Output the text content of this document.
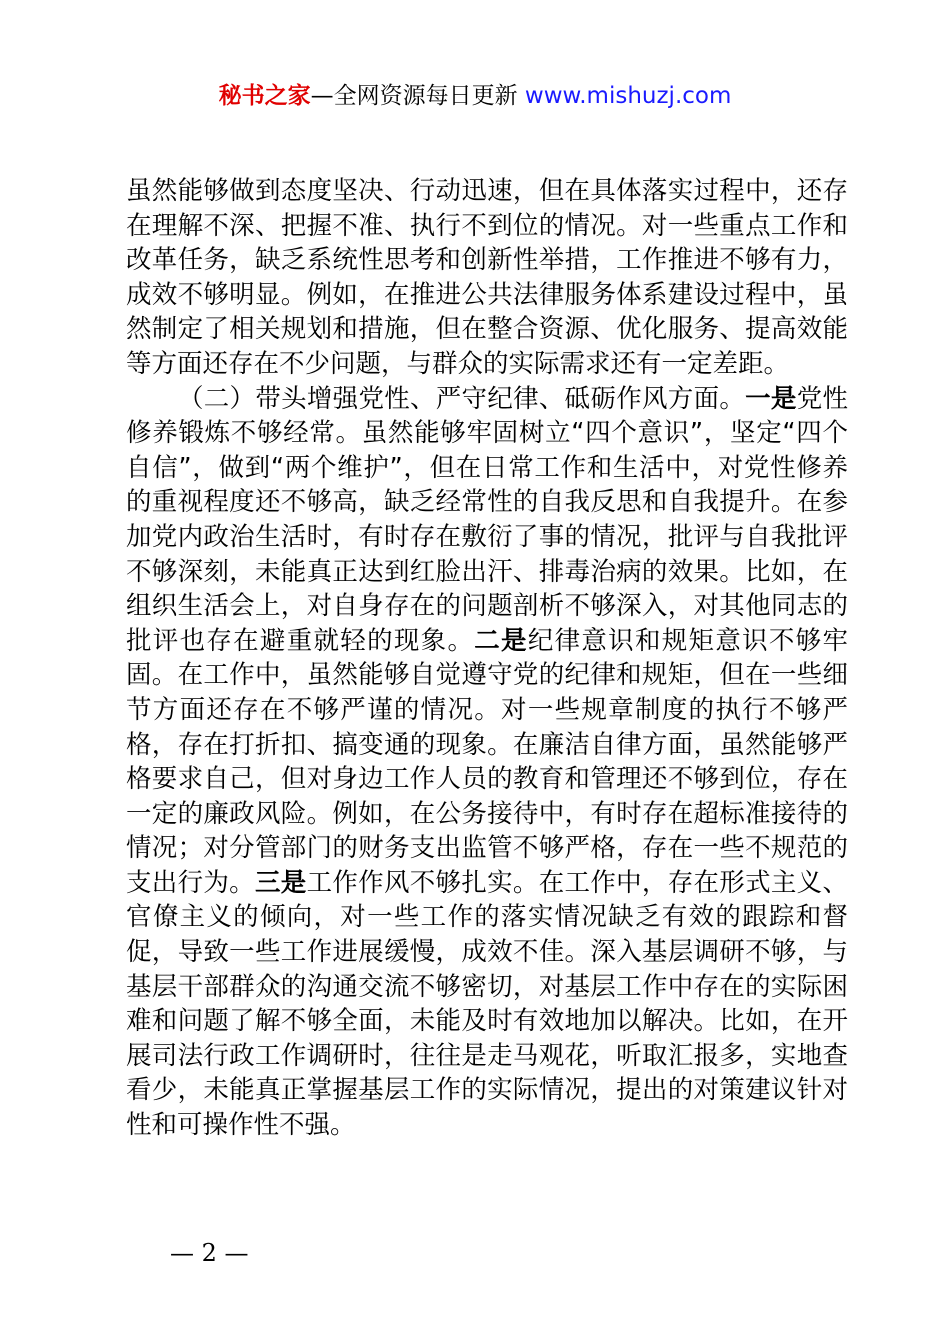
秘书之家—全网资源每日更新 www.mishuzj.com

虽然能够做到态度坚决、行动迅速，但在具体落实过程中，还存在理解不深、把握不准、执行不到位的情况。对一些重点工作和改革任务，缺乏系统性思考和创新性举措，工作推进不够有力，成效不够明显。例如，在推进公共法律服务体系建设过程中，虽然制定了相关规划和措施，但在整合资源、优化服务、提高效能等方面还存在不少问题，与群众的实际需求还有一定差距。

（二）带头增强党性、严守纪律、砥砺作风方面。一是党性修养锻炼不够经常。虽然能够牢固树立“四个意识”，坚定“四个自信”，做到“两个维护”，但在日常工作和生活中，对党性修养的重视程度还不够高，缺乏经常性的自我反思和自我提升。在参加党内政治生活时，有时存在敷衍了事的情况，批评与自我批评不够深刻，未能真正达到红脸出汗、排毒治病的效果。比如，在组织生活会上，对自身存在的问题剖析不够深入，对其他同志的批评也存在避重就轻的现象。二是纪律意识和规矩意识不够牢固。在工作中，虽然能够自觉遵守党的纪律和规矩，但在一些细节方面还存在不够严谨的情况。对一些规章制度的执行不够严格，存在打折扣、搞变通的现象。在廉洁自律方面，虽然能够严格要求自己，但对身边工作人员的教育和管理还不够到位，存在一定的廉政风险。例如，在公务接待中，有时存在超标准接待的情况；对分管部门的财务支出监管不够严格，存在一些不规范的支出行为。三是工作作风不够扎实。在工作中，存在形式主义、官僚主义的倾向，对一些工作的落实情况缺乏有效的跟踪和督促，导致一些工作进展缓慢，成效不佳。深入基层调研不够，与基层干部群众的沟通交流不够密切，对基层工作中存在的实际困难和问题了解不够全面，未能及时有效地加以解决。比如，在开展司法行政工作调研时，往往是走马观花，听取汇报多，实地查看少，未能真正掌握基层工作的实际情况，提出的对策建议针对性和可操作性不强。

— 2 —
